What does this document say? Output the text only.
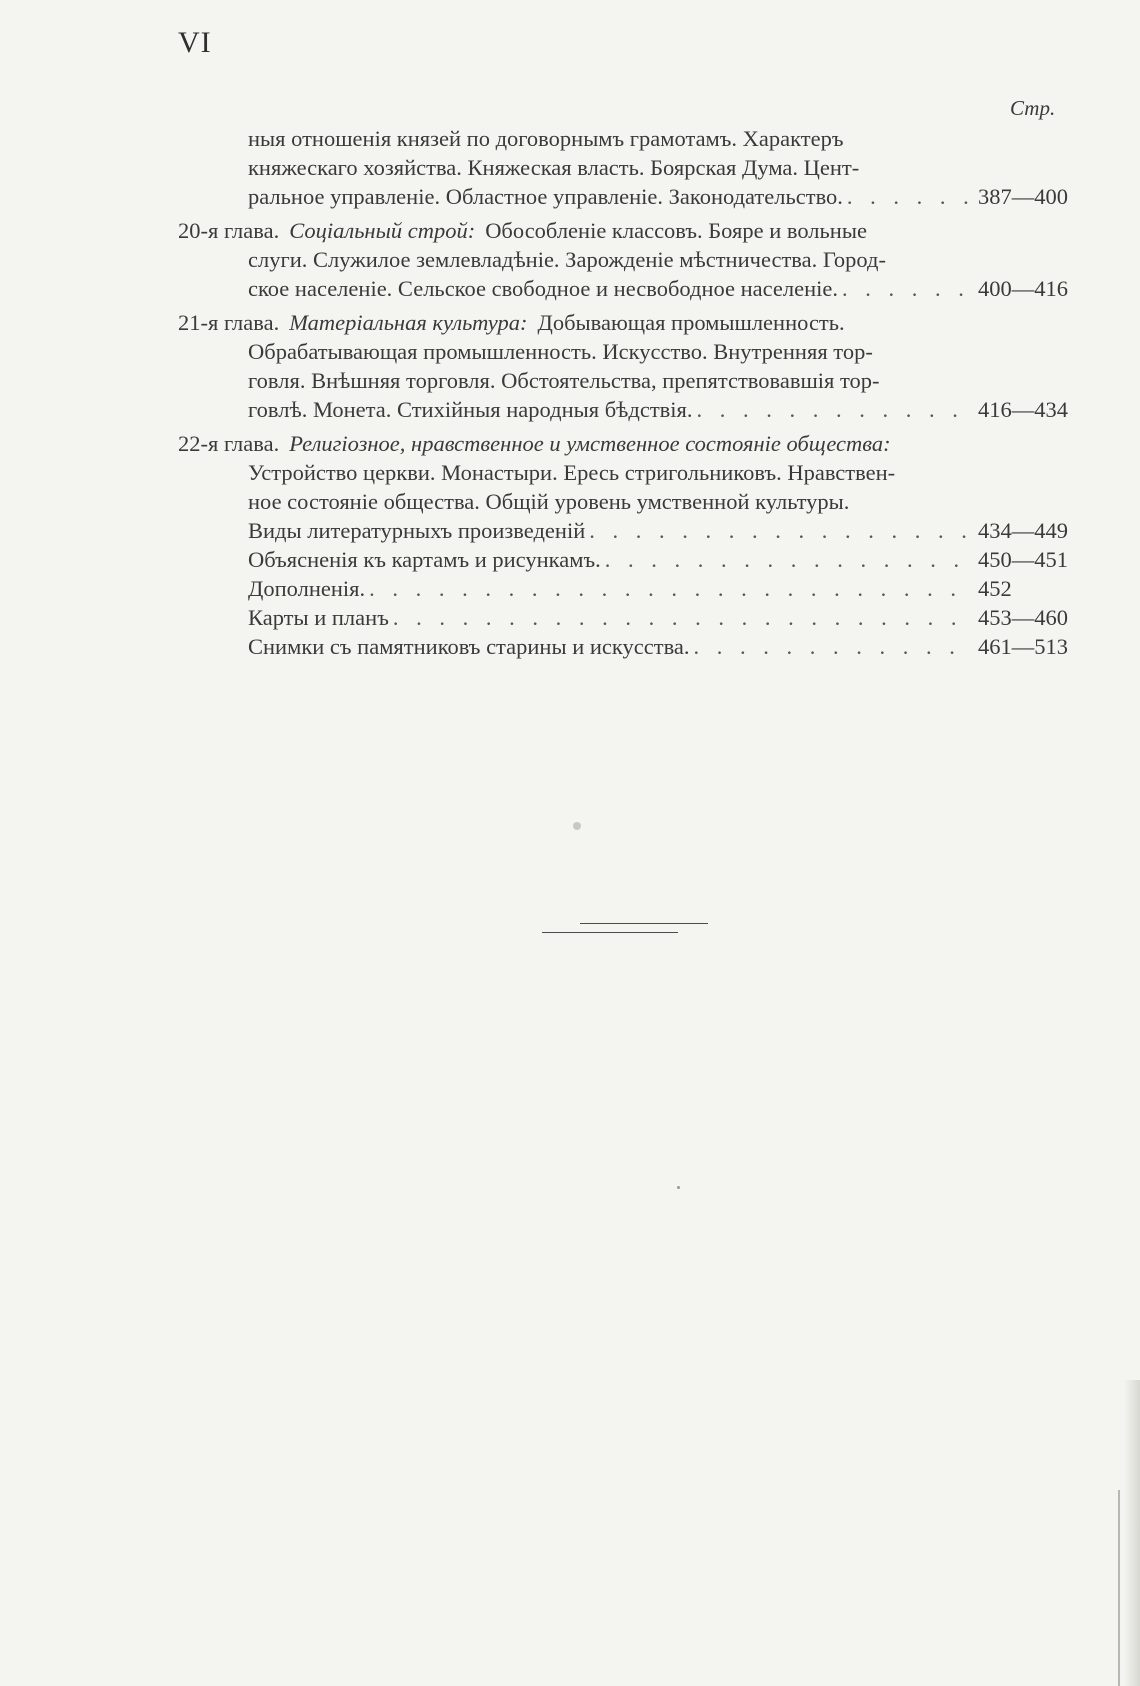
VI
Стр.
ныя отношенія князей по договорнымъ грамотамъ. Характеръ
княжескаго хозяйства. Княжеская власть. Боярская Дума. Цент-
ральное управленіе. Областное управленіе. Законодательство. . . .	387—400
20-я глава. Соціальный строй: Обособленіе классовъ. Бояре и вольные
слуги. Служилое землевладѣніе. Зарожденіе мѣстничества. Город-
ское населеніе. Сельское свободное и несвободное населеніе. . . .	400—416
21-я глава. Матеріальная культура: Добывающая промышленность.
Обрабатывающая промышленность. Искусство. Внутренняя тор-
говля. Внѣшняя торговля. Обстоятельства, препятствовавшія тор-
говлѣ. Монета. Стихійныя народныя бѣдствія. . . .	416—434
22-я глава. Религіозное, нравственное и умственное состояніе общества:
Устройство церкви. Монастыри. Ересь стригольниковъ. Нравствен-
ное состояніе общества. Общій уровень умственной культуры.
Виды литературныхъ произведеній . . .	434—449
Объясненія къ картамъ и рисункамъ. . . .	450—451
Дополненія. . . .	452
Карты и планъ . . .	453—460
Снимки съ памятниковъ старины и искусства. . . .	461—513
